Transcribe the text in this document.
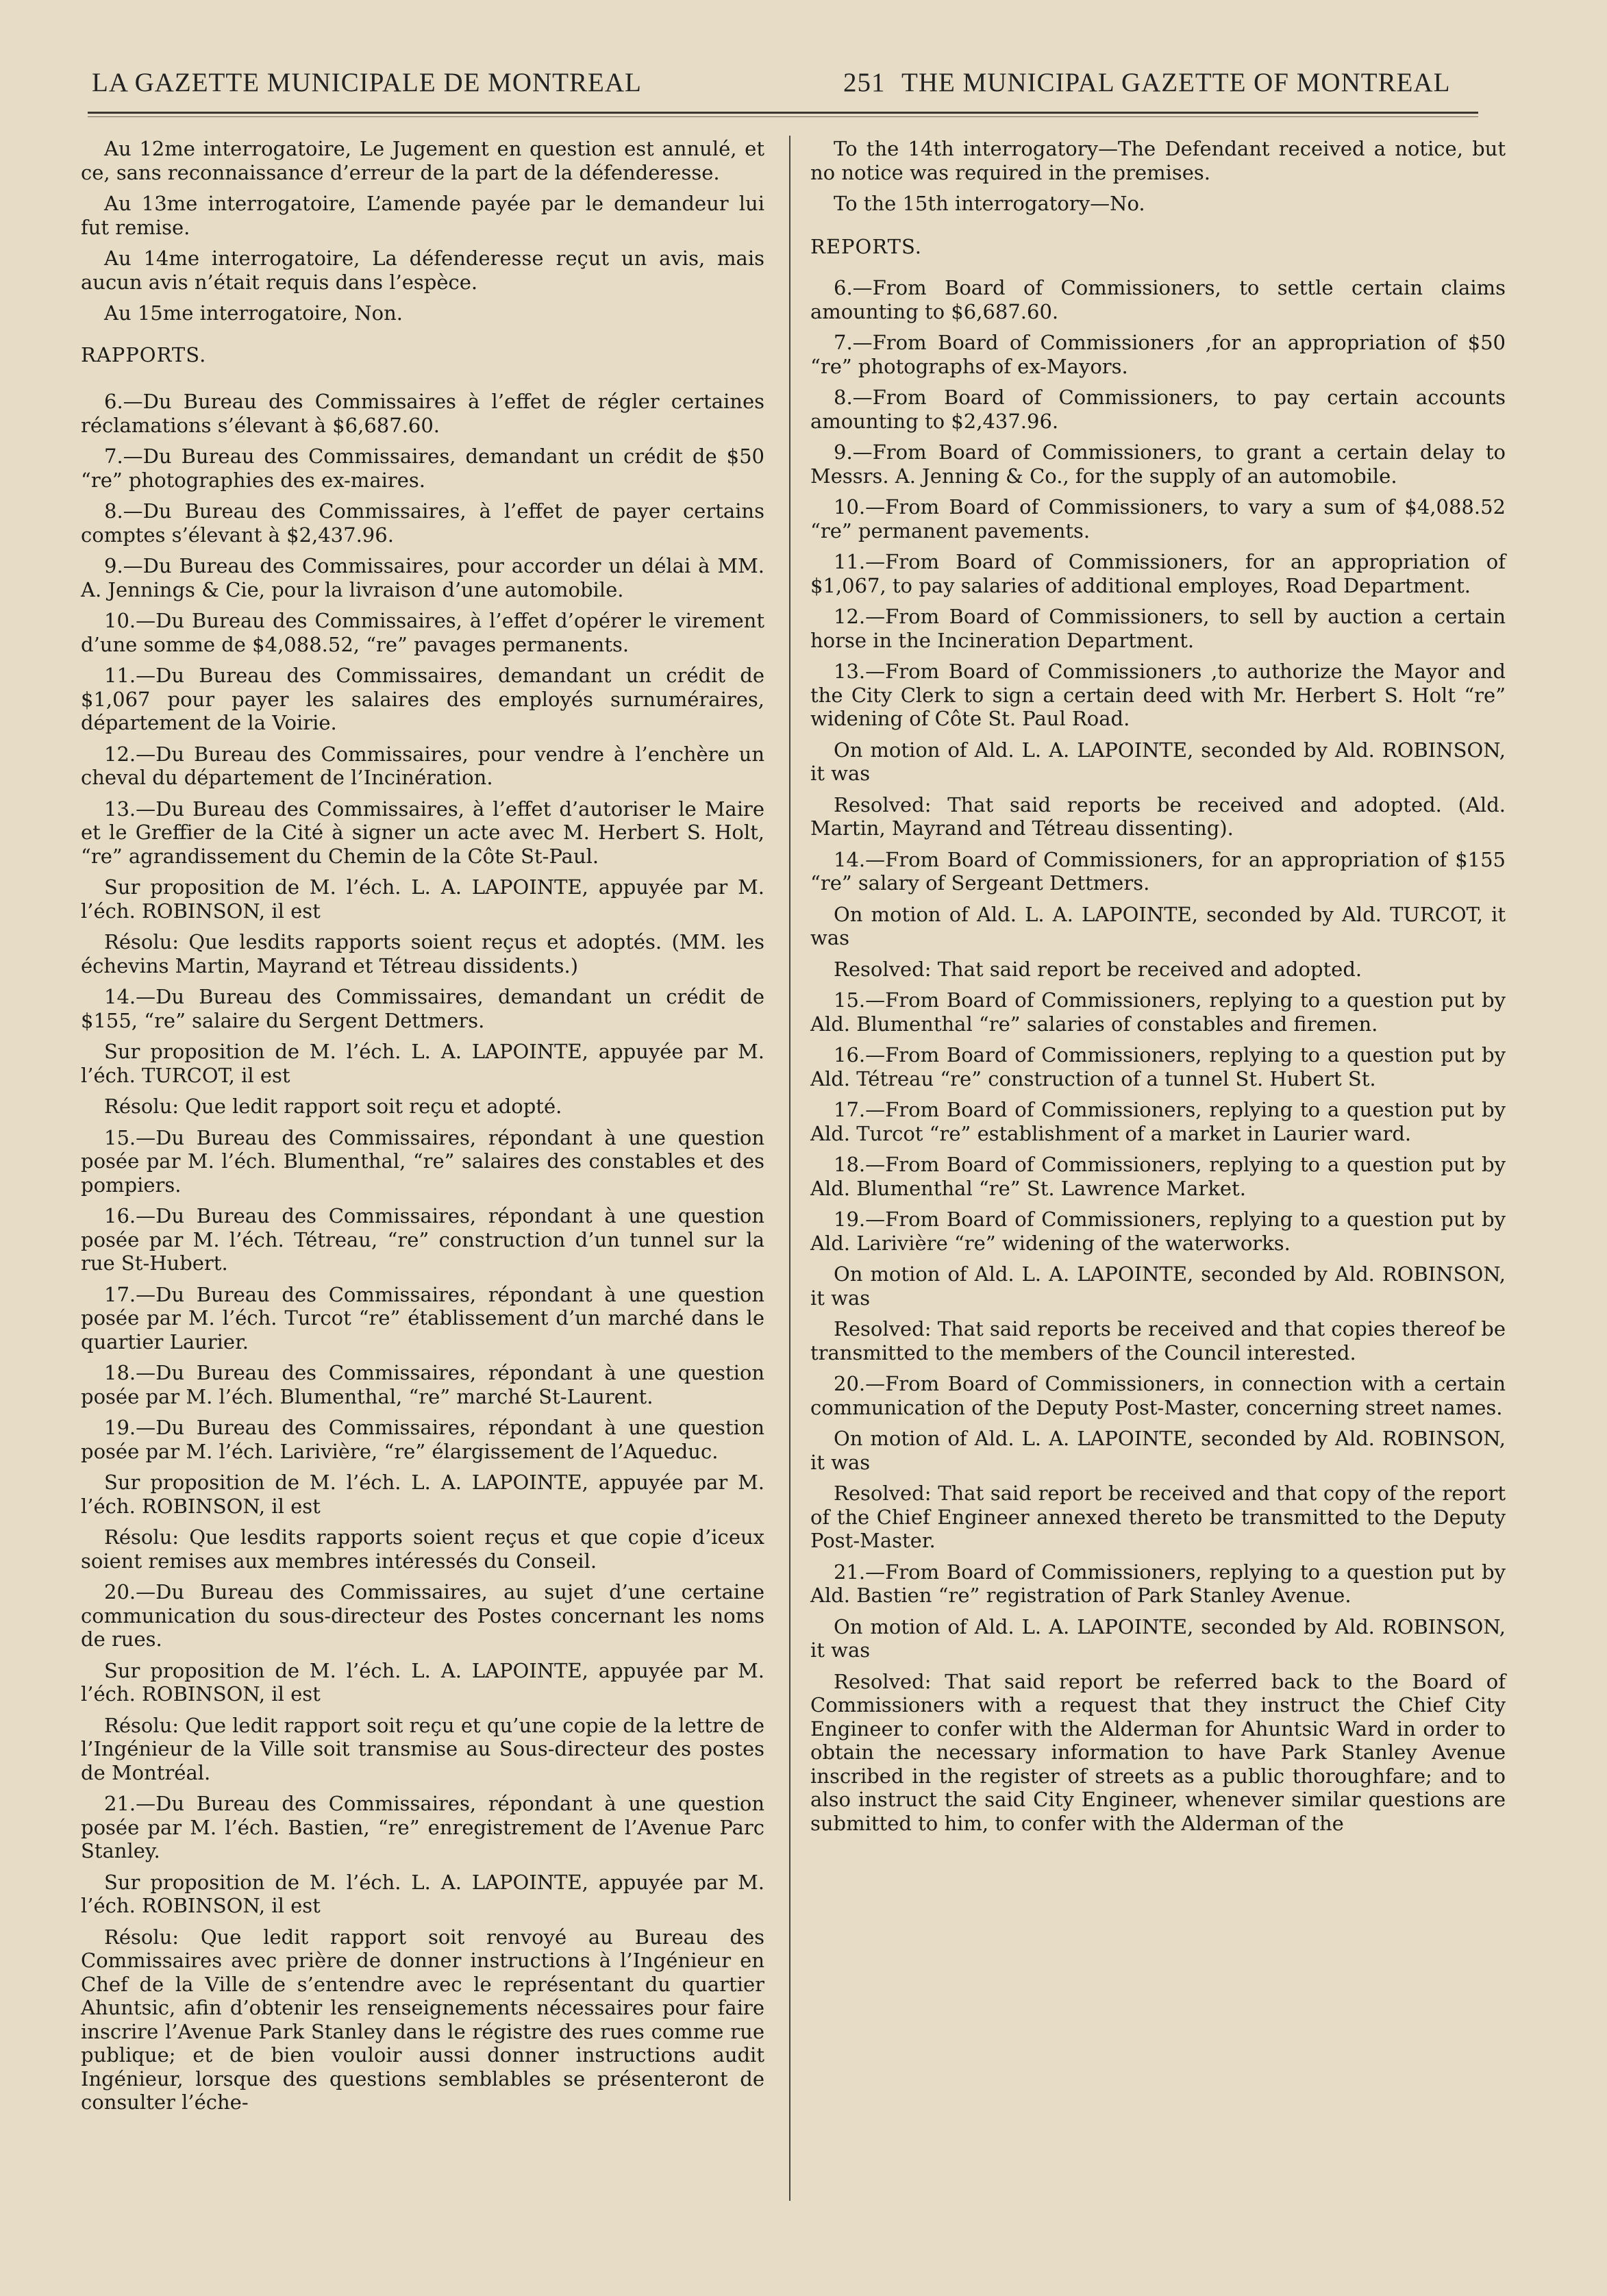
LA GAZETTE MUNICIPALE DE MONTREAL	251 THE MUNICIPAL GAZETTE OF MONTREAL

Au 12me interrogatoire, Le Jugement en question est annulé, et ce, sans reconnaissance d’erreur de la part de la défenderesse.

Au 13me interrogatoire, L’amende payée par le demandeur lui fut remise.

Au 14me interrogatoire, La défenderesse reçut un avis, mais aucun avis n’était requis dans l’espèce.

Au 15me interrogatoire, Non.

RAPPORTS.

6.—Du Bureau des Commissaires à l’effet de régler certaines réclamations s’élevant à $6,687.60.

7.—Du Bureau des Commissaires, demandant un crédit de $50 “re” photographies des ex-maires.

8.—Du Bureau des Commissaires, à l’effet de payer certains comptes s’élevant à $2,437.96.

9.—Du Bureau des Commissaires, pour accorder un délai à MM. A. Jennings & Cie, pour la livraison d’une automobile.

10.—Du Bureau des Commissaires, à l’effet d’opérer le virement d’une somme de $4,088.52, “re” pavages permanents.

11.—Du Bureau des Commissaires, demandant un crédit de $1,067 pour payer les salaires des employés surnuméraires, département de la Voirie.

12.—Du Bureau des Commissaires, pour vendre à l’enchère un cheval du département de l’Incinération.

13.—Du Bureau des Commissaires, à l’effet d’autoriser le Maire et le Greffier de la Cité à signer un acte avec M. Herbert S. Holt, “re” agrandissement du Chemin de la Côte St-Paul.

Sur proposition de M. l’éch. L. A. LAPOINTE, appuyée par M. l’éch. ROBINSON, il est

Résolu: Que lesdits rapports soient reçus et adoptés. (MM. les échevins Martin, Mayrand et Tétreau dissidents.)

14.—Du Bureau des Commissaires, demandant un crédit de $155, “re” salaire du Sergent Dettmers.

Sur proposition de M. l’éch. L. A. LAPOINTE, appuyée par M. l’éch. TURCOT, il est

Résolu: Que ledit rapport soit reçu et adopté.

15.—Du Bureau des Commissaires, répondant à une question posée par M. l’éch. Blumenthal, “re” salaires des constables et des pompiers.

16.—Du Bureau des Commissaires, répondant à une question posée par M. l’éch. Tétreau, “re” construction d’un tunnel sur la rue St-Hubert.

17.—Du Bureau des Commissaires, répondant à une question posée par M. l’éch. Turcot “re” établissement d’un marché dans le quartier Laurier.

18.—Du Bureau des Commissaires, répondant à une question posée par M. l’éch. Blumenthal, “re” marché St-Laurent.

19.—Du Bureau des Commissaires, répondant à une question posée par M. l’éch. Larivière, “re” élargissement de l’Aqueduc.

Sur proposition de M. l’éch. L. A. LAPOINTE, appuyée par M. l’éch. ROBINSON, il est

Résolu: Que lesdits rapports soient reçus et que copie d’iceux soient remises aux membres intéressés du Conseil.

20.—Du Bureau des Commissaires, au sujet d’une certaine communication du sous-directeur des Postes concernant les noms de rues.

Sur proposition de M. l’éch. L. A. LAPOINTE, appuyée par M. l’éch. ROBINSON, il est

Résolu: Que ledit rapport soit reçu et qu’une copie de la lettre de l’Ingénieur de la Ville soit transmise au Sous-directeur des postes de Montréal.

21.—Du Bureau des Commissaires, répondant à une question posée par M. l’éch. Bastien, “re” enregistrement de l’Avenue Parc Stanley.

Sur proposition de M. l’éch. L. A. LAPOINTE, appuyée par M. l’éch. ROBINSON, il est

Résolu: Que ledit rapport soit renvoyé au Bureau des Commissaires avec prière de donner instructions à l’Ingénieur en Chef de la Ville de s’entendre avec le représentant du quartier Ahuntsic, afin d’obtenir les renseignements nécessaires pour faire inscrire l’Avenue Park Stanley dans le régistre des rues comme rue publique; et de bien vouloir aussi donner instructions audit Ingénieur, lorsque des questions semblables se présenteront de consulter l’éche-

To the 14th interrogatory—The Defendant received a notice, but no notice was required in the premises.

To the 15th interrogatory—No.

REPORTS.

6.—From Board of Commissioners, to settle certain claims amounting to $6,687.60.

7.—From Board of Commissioners ,for an appropriation of $50 “re” photographs of ex-Mayors.

8.—From Board of Commissioners, to pay certain accounts amounting to $2,437.96.

9.—From Board of Commissioners, to grant a certain delay to Messrs. A. Jenning & Co., for the supply of an automobile.

10.—From Board of Commissioners, to vary a sum of $4,088.52 “re” permanent pavements.

11.—From Board of Commissioners, for an appropriation of $1,067, to pay salaries of additional employes, Road Department.

12.—From Board of Commissioners, to sell by auction a certain horse in the Incineration Department.

13.—From Board of Commissioners ,to authorize the Mayor and the City Clerk to sign a certain deed with Mr. Herbert S. Holt “re” widening of Côte St. Paul Road.

On motion of Ald. L. A. LAPOINTE, seconded by Ald. ROBINSON, it was

Resolved: That said reports be received and adopted. (Ald. Martin, Mayrand and Tétreau dissenting).

14.—From Board of Commissioners, for an appropriation of $155 “re” salary of Sergeant Dettmers.

On motion of Ald. L. A. LAPOINTE, seconded by Ald. TURCOT, it was

Resolved: That said report be received and adopted.

15.—From Board of Commissioners, replying to a question put by Ald. Blumenthal “re” salaries of constables and firemen.

16.—From Board of Commissioners, replying to a question put by Ald. Tétreau “re” construction of a tunnel St. Hubert St.

17.—From Board of Commissioners, replying to a question put by Ald. Turcot “re” establishment of a market in Laurier ward.

18.—From Board of Commissioners, replying to a question put by Ald. Blumenthal “re” St. Lawrence Market.

19.—From Board of Commissioners, replying to a question put by Ald. Larivière “re” widening of the waterworks.

On motion of Ald. L. A. LAPOINTE, seconded by Ald. ROBINSON, it was

Resolved: That said reports be received and that copies thereof be transmitted to the members of the Council interested.

20.—From Board of Commissioners, in connection with a certain communication of the Deputy Post-Master, concerning street names.

On motion of Ald. L. A. LAPOINTE, seconded by Ald. ROBINSON, it was

Resolved: That said report be received and that copy of the report of the Chief Engineer annexed thereto be transmitted to the Deputy Post-Master.

21.—From Board of Commissioners, replying to a question put by Ald. Bastien “re” registration of Park Stanley Avenue.

On motion of Ald. L. A. LAPOINTE, seconded by Ald. ROBINSON, it was

Resolved: That said report be referred back to the Board of Commissioners with a request that they instruct the Chief City Engineer to confer with the Alderman for Ahuntsic Ward in order to obtain the necessary information to have Park Stanley Avenue inscribed in the register of streets as a public thoroughfare; and to also instruct the said City Engineer, whenever similar questions are submitted to him, to confer with the Alderman of the
